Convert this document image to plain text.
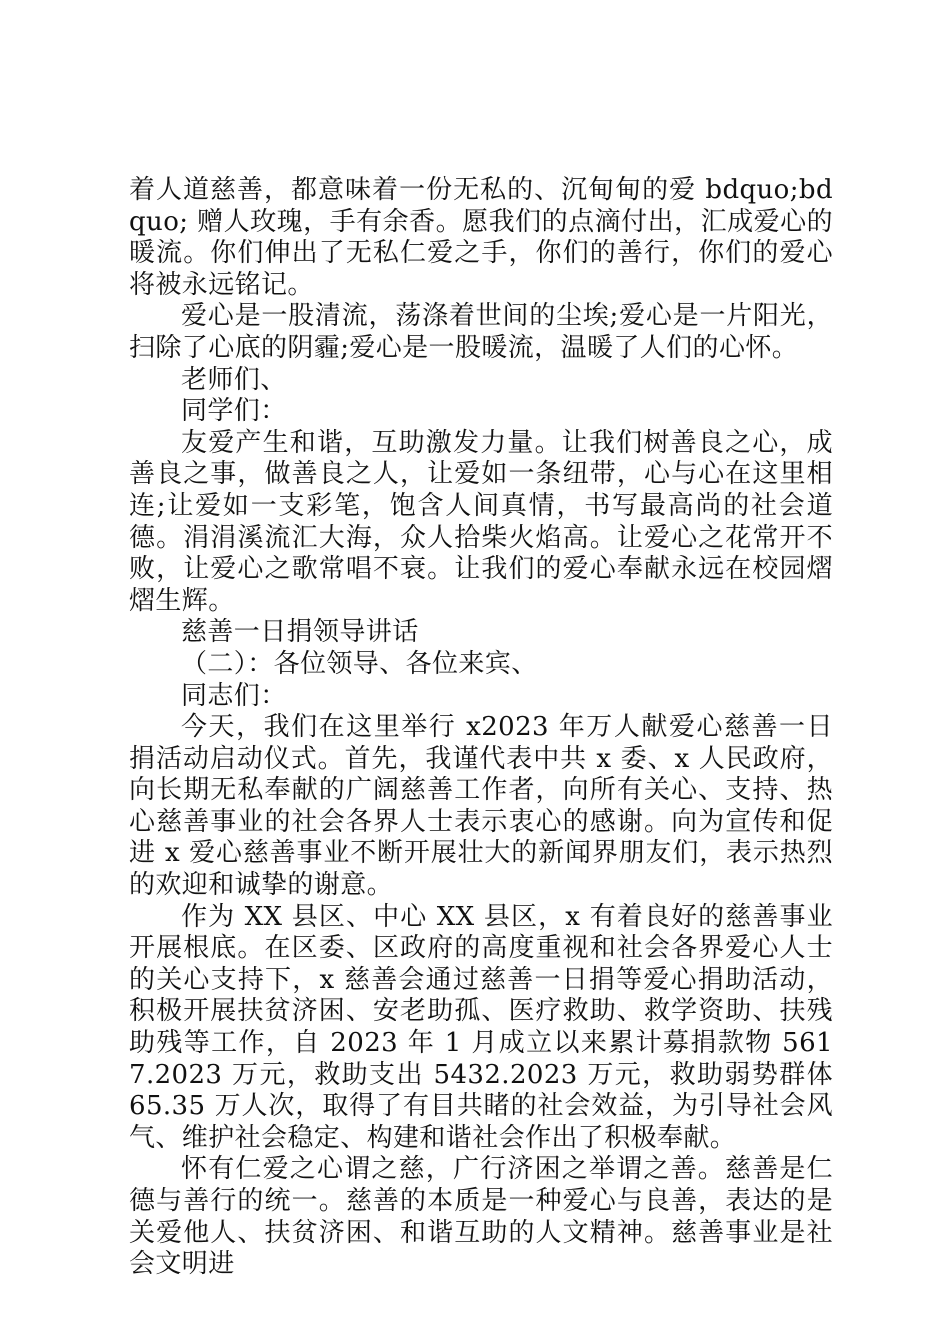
着人道慈善，都意味着一份无私的、沉甸甸的爱 bdquo;bdquo; 赠人玫瑰，手有余香。愿我们的点滴付出，汇成爱心的暖流。你们伸出了无私仁爱之手，你们的善行，你们的爱心将被永远铭记。

爱心是一股清流，荡涤着世间的尘埃;爱心是一片阳光，扫除了心底的阴霾;爱心是一股暖流，温暖了人们的心怀。

老师们、

同学们：

友爱产生和谐，互助激发力量。让我们树善良之心，成善良之事，做善良之人，让爱如一条纽带，心与心在这里相连;让爱如一支彩笔，饱含人间真情，书写最高尚的社会道德。涓涓溪流汇大海，众人拾柴火焰高。让爱心之花常开不败，让爱心之歌常唱不衰。让我们的爱心奉献永远在校园熠熠生辉。

慈善一日捐领导讲话

（二）：各位领导、各位来宾、

同志们：

今天，我们在这里举行 x2023 年万人献爱心慈善一日捐活动启动仪式。首先，我谨代表中共 x 委、x 人民政府，向长期无私奉献的广阔慈善工作者，向所有关心、支持、热心慈善事业的社会各界人士表示衷心的感谢。向为宣传和促进 x 爱心慈善事业不断开展壮大的新闻界朋友们，表示热烈的欢迎和诚挚的谢意。

作为 XX 县区、中心 XX 县区，x 有着良好的慈善事业开展根底。在区委、区政府的高度重视和社会各界爱心人士的关心支持下，x 慈善会通过慈善一日捐等爱心捐助活动，积极开展扶贫济困、安老助孤、医疗救助、救学资助、扶残助残等工作，自 2023 年 1 月成立以来累计募捐款物 5617.2023 万元，救助支出 5432.2023 万元，救助弱势群体 65.35 万人次，取得了有目共睹的社会效益，为引导社会风气、维护社会稳定、构建和谐社会作出了积极奉献。

怀有仁爱之心谓之慈，广行济困之举谓之善。慈善是仁德与善行的统一。慈善的本质是一种爱心与良善，表达的是关爱他人、扶贫济困、和谐互助的人文精神。慈善事业是社会文明进
